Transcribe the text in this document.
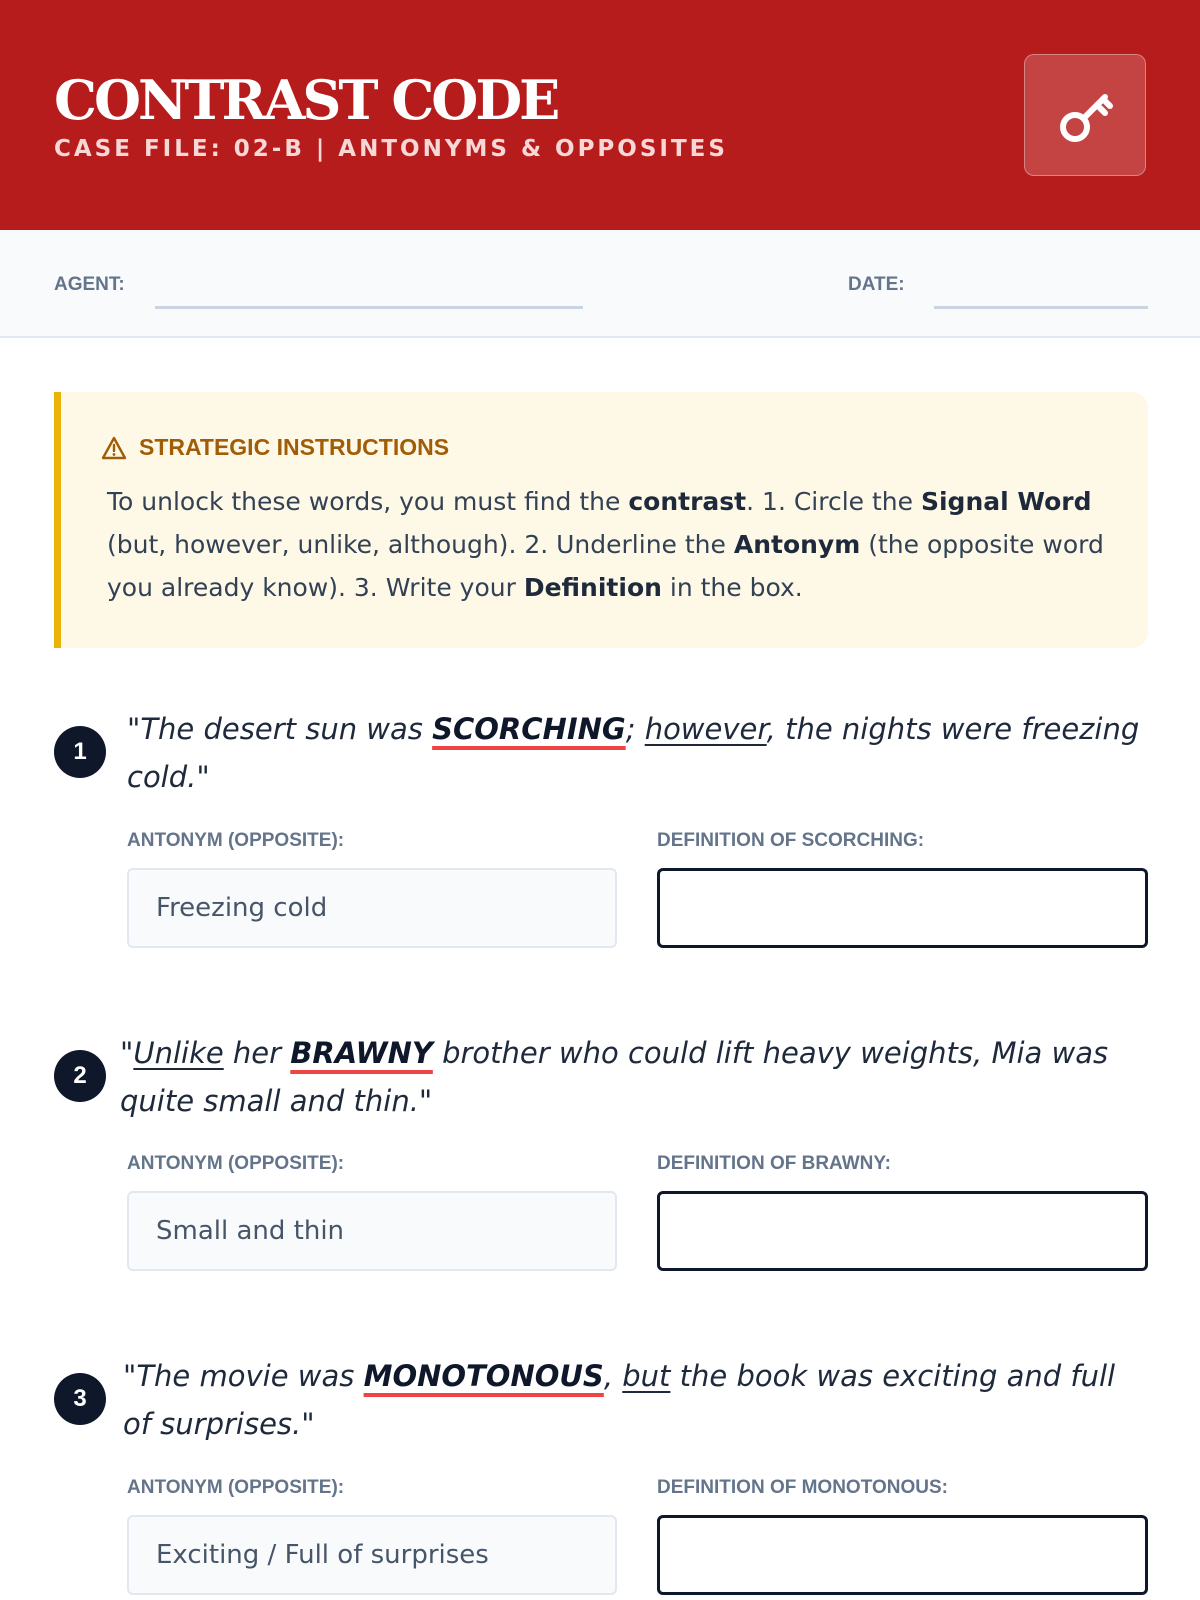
CONTRAST CODE
CASE FILE: 02-B | ANTONYMS & OPPOSITES
AGENT:	DATE:
STRATEGIC INSTRUCTIONS
To unlock these words, you must find the contrast. 1. Circle the Signal Word (but, however, unlike, although). 2. Underline the Antonym (the opposite word you already know). 3. Write your Definition in the box.
1
"The desert sun was SCORCHING; however, the nights were freezing cold."
ANTONYM (OPPOSITE):	DEFINITION OF SCORCHING:
Freezing cold
2
"Unlike her BRAWNY brother who could lift heavy weights, Mia was quite small and thin."
ANTONYM (OPPOSITE):	DEFINITION OF BRAWNY:
Small and thin
3
"The movie was MONOTONOUS, but the book was exciting and full of surprises."
ANTONYM (OPPOSITE):	DEFINITION OF MONOTONOUS:
Exciting / Full of surprises
